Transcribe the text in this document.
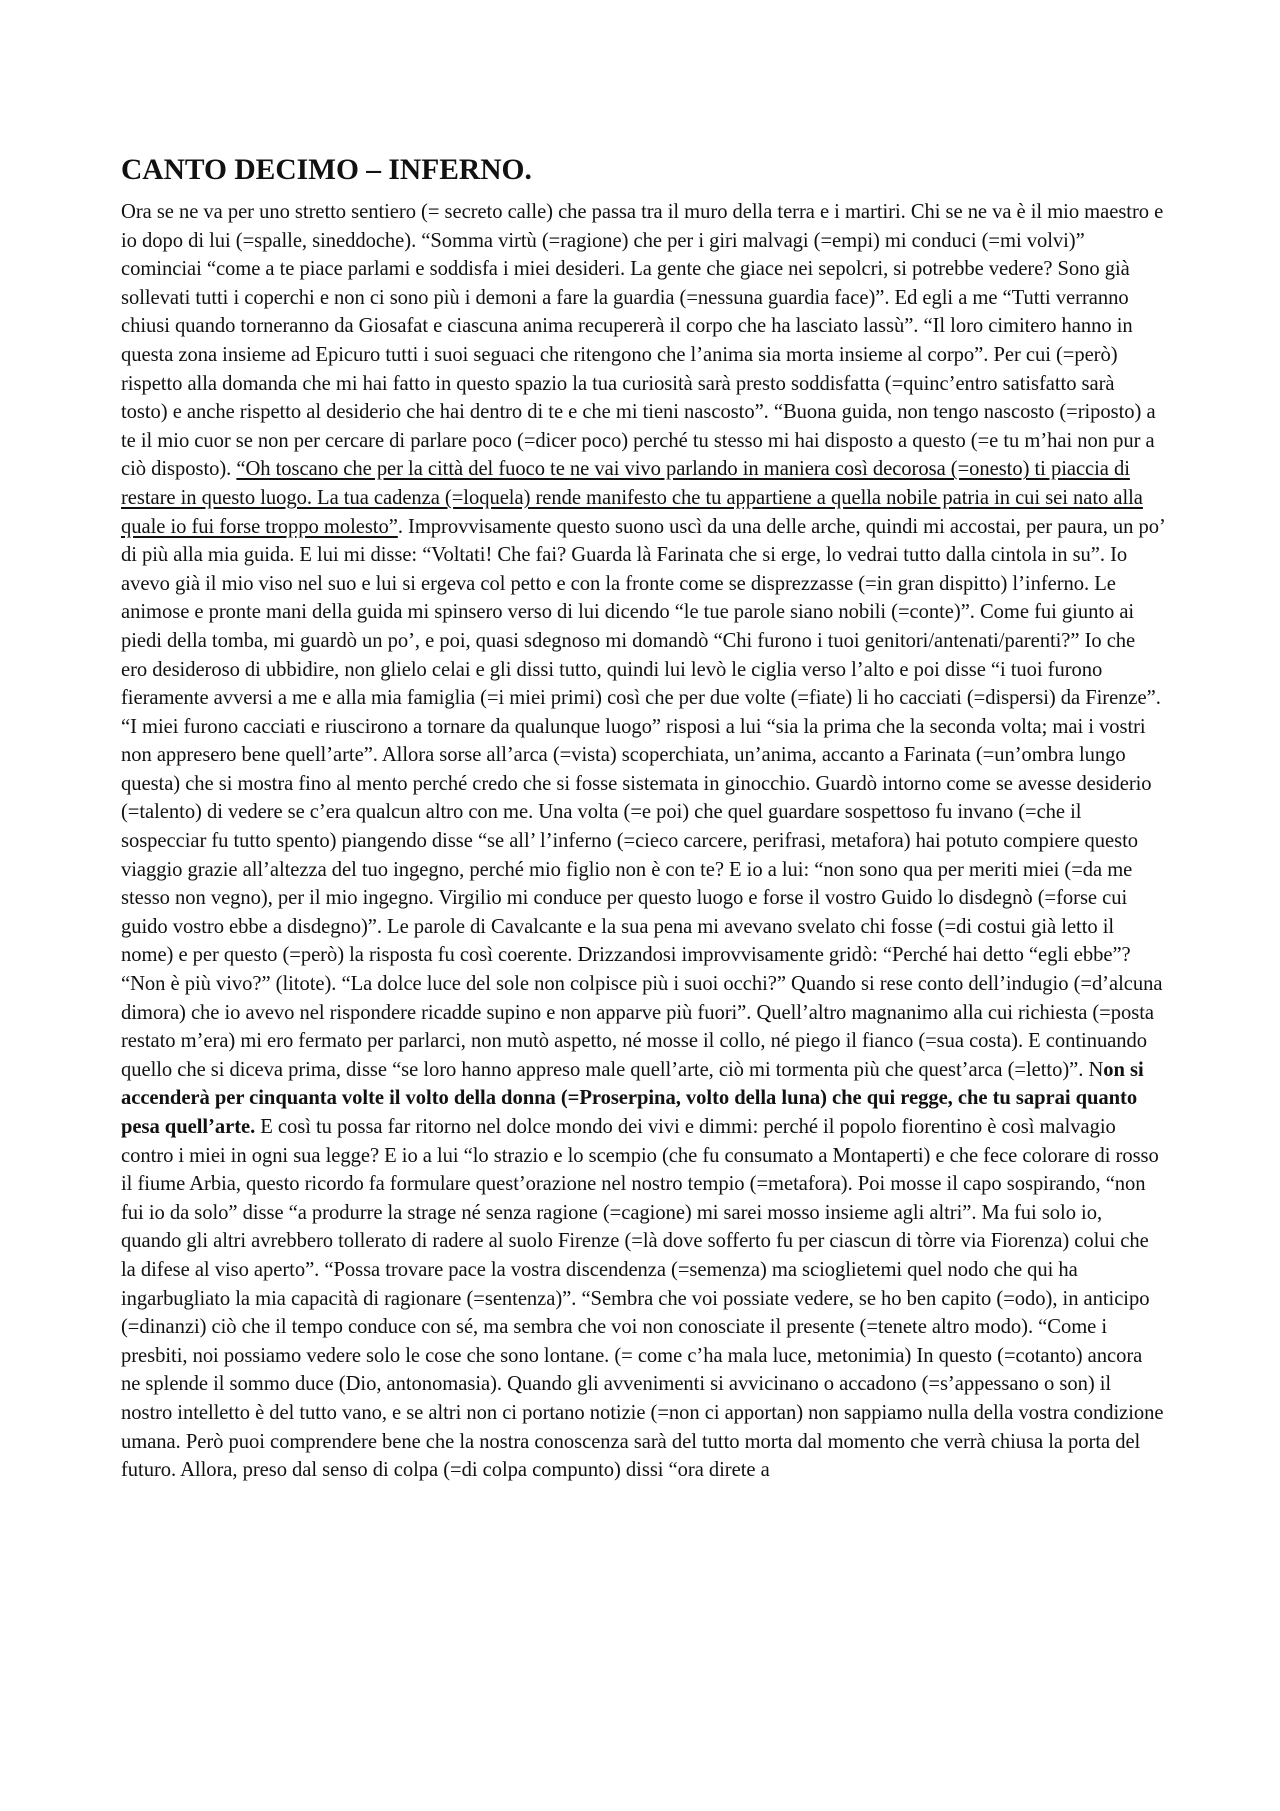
CANTO DECIMO – INFERNO.

Ora se ne va per uno stretto sentiero (= secreto calle) che passa tra il muro della terra e i martiri. Chi se ne va è il mio maestro e io dopo di lui (=spalle, sineddoche). “Somma virtù (=ragione) che per i giri malvagi (=empi) mi conduci (=mi volvi)” cominciai “come a te piace parlami e soddisfa i miei desideri. La gente che giace nei sepolcri, si potrebbe vedere? Sono già sollevati tutti i coperchi e non ci sono più i demoni a fare la guardia (=nessuna guardia face)”. Ed egli a me “Tutti verranno chiusi quando torneranno da Giosafat e ciascuna anima recupererà il corpo che ha lasciato lassù”. “Il loro cimitero hanno in questa zona insieme ad Epicuro tutti i suoi seguaci che ritengono che l’anima sia morta insieme al corpo”. Per cui (=però) rispetto alla domanda che mi hai fatto in questo spazio la tua curiosità sarà presto soddisfatta (=quinc’entro satisfatto sarà tosto) e anche rispetto al desiderio che hai dentro di te e che mi tieni nascosto”. “Buona guida, non tengo nascosto (=riposto) a te il mio cuor se non per cercare di parlare poco (=dicer poco) perché tu stesso mi hai disposto a questo (=e tu m’hai non pur a ciò disposto). “Oh toscano che per la città del fuoco te ne vai vivo parlando in maniera così decorosa (=onesto) ti piaccia di restare in questo luogo. La tua cadenza (=loquela) rende manifesto che tu appartiene a quella nobile patria in cui sei nato alla quale io fui forse troppo molesto”. Improvvisamente questo suono uscì da una delle arche, quindi mi accostai, per paura, un po’ di più alla mia guida. E lui mi disse: “Voltati! Che fai? Guarda là Farinata che si erge, lo vedrai tutto dalla cintola in su”. Io avevo già il mio viso nel suo e lui si ergeva col petto e con la fronte come se disprezzasse (=in gran dispitto) l’inferno. Le animose e pronte mani della guida mi spinsero verso di lui dicendo “le tue parole siano nobili (=conte)”. Come fui giunto ai piedi della tomba, mi guardò un po’, e poi, quasi sdegnoso mi domandò “Chi furono i tuoi genitori/antenati/parenti?” Io che ero desideroso di ubbidire, non glielo celai e gli dissi tutto, quindi lui levò le ciglia verso l’alto e poi disse “i tuoi furono fieramente avversi a me e alla mia famiglia (=i miei primi) così che per due volte (=fiate) li ho cacciati (=dispersi) da Firenze”. “I miei furono cacciati e riuscirono a tornare da qualunque luogo” risposi a lui “sia la prima che la seconda volta; mai i vostri non appresero bene quell’arte”. Allora sorse all’arca (=vista) scoperchiata, un’anima, accanto a Farinata (=un’ombra lungo questa) che si mostra fino al mento perché credo che si fosse sistemata in ginocchio. Guardò intorno come se avesse desiderio (=talento) di vedere se c’era qualcun altro con me. Una volta (=e poi) che quel guardare sospettoso fu invano (=che il sospecciar fu tutto spento) piangendo disse “se all’ l’inferno (=cieco carcere, perifrasi, metafora) hai potuto compiere questo viaggio grazie all’altezza del tuo ingegno, perché mio figlio non è con te? E io a lui: “non sono qua per meriti miei (=da me stesso non vegno), per il mio ingegno. Virgilio mi conduce per questo luogo e forse il vostro Guido lo disdegnò (=forse cui guido vostro ebbe a disdegno)”. Le parole di Cavalcante e la sua pena mi avevano svelato chi fosse (=di costui già letto il nome) e per questo (=però) la risposta fu così coerente. Drizzandosi improvvisamente gridò: “Perché hai detto “egli ebbe”? “Non è più vivo?” (litote). “La dolce luce del sole non colpisce più i suoi occhi?” Quando si rese conto dell’indugio (=d’alcuna dimora) che io avevo nel rispondere ricadde supino e non apparve più fuori”. Quell’altro magnanimo alla cui richiesta (=posta restato m’era) mi ero fermato per parlarci, non mutò aspetto, né mosse il collo, né piego il fianco (=sua costa). E continuando quello che si diceva prima, disse “se loro hanno appreso male quell’arte, ciò mi tormenta più che quest’arca (=letto)”. Non si accenderà per cinquanta volte il volto della donna (=Proserpina, volto della luna) che qui regge, che tu saprai quanto pesa quell’arte. E così tu possa far ritorno nel dolce mondo dei vivi e dimmi: perché il popolo fiorentino è così malvagio contro i miei in ogni sua legge? E io a lui “lo strazio e lo scempio (che fu consumato a Montaperti) e che fece colorare di rosso il fiume Arbia, questo ricordo fa formulare quest’orazione nel nostro tempio (=metafora). Poi mosse il capo sospirando, “non fui io da solo” disse “a produrre la strage né senza ragione (=cagione) mi sarei mosso insieme agli altri”. Ma fui solo io, quando gli altri avrebbero tollerato di radere al suolo Firenze (=là dove sofferto fu per ciascun di tòrre via Fiorenza) colui che la difese al viso aperto”. “Possa trovare pace la vostra discendenza (=semenza) ma scioglietemi quel nodo che qui ha ingarbugliato la mia capacità di ragionare (=sentenza)”. “Sembra che voi possiate vedere, se ho ben capito (=odo), in anticipo (=dinanzi) ciò che il tempo conduce con sé, ma sembra che voi non conosciate il presente (=tenete altro modo). “Come i presbiti, noi possiamo vedere solo le cose che sono lontane. (= come c’ha mala luce, metonimia) In questo (=cotanto) ancora ne splende il sommo duce (Dio, antonomasia). Quando gli avvenimenti si avvicinano o accadono (=s’appessano o son) il nostro intelletto è del tutto vano, e se altri non ci portano notizie (=non ci apportan) non sappiamo nulla della vostra condizione umana. Però puoi comprendere bene che la nostra conoscenza sarà del tutto morta dal momento che verrà chiusa la porta del futuro. Allora, preso dal senso di colpa (=di colpa compunto) dissi “ora direte a
